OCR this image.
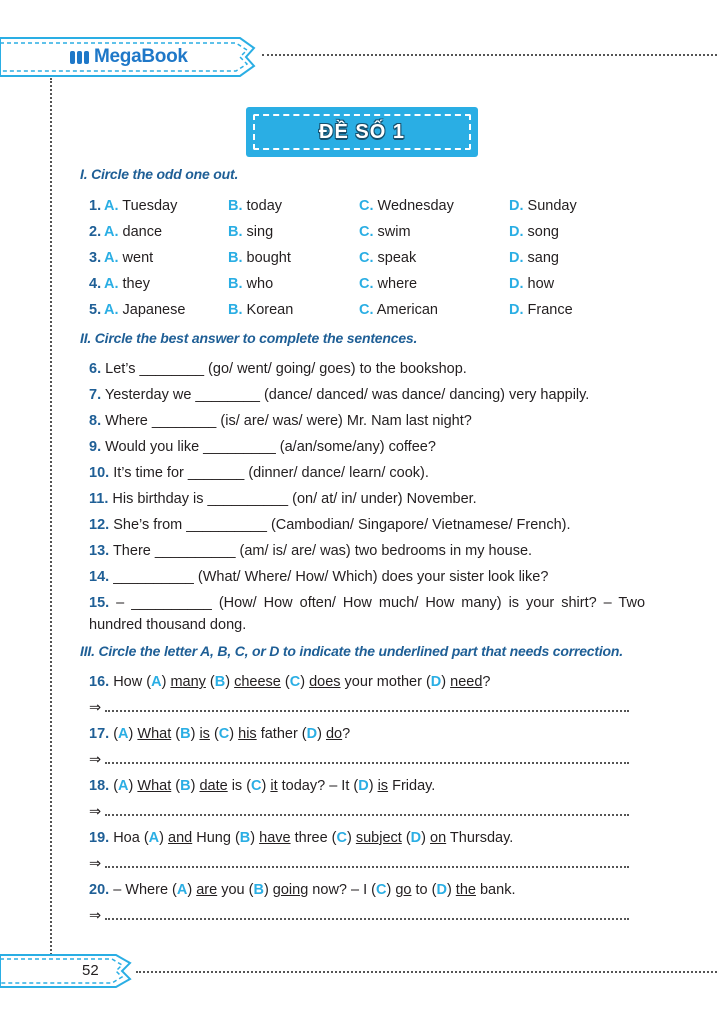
MegaBook
ĐỀ SỐ 1
I. Circle the odd one out.
1. A. Tuesday	B. today	C. Wednesday	D. Sunday
2. A. dance	B. sing	C. swim	D. song
3. A. went	B. bought	C. speak	D. sang
4. A. they	B. who	C. where	D. how
5. A. Japanese	B. Korean	C. American	D. France
II. Circle the best answer to complete the sentences.
6. Let’s ________ (go/ went/ going/ goes) to the bookshop.
7. Yesterday we ________ (dance/ danced/ was dance/ dancing) very happily.
8. Where ________ (is/ are/ was/ were) Mr. Nam last night?
9. Would you like _________ (a/an/some/any) coffee?
10. It’s time for _______ (dinner/ dance/ learn/ cook).
11. His birthday is __________ (on/ at/ in/ under) November.
12. She’s from __________ (Cambodian/ Singapore/ Vietnamese/ French).
13. There __________ (am/ is/ are/ was) two bedrooms in my house.
14. __________ (What/ Where/ How/ Which) does your sister look like?
15. – __________ (How/ How often/ How much/ How many) is your shirt? – Two hundred thousand dong.
III. Circle the letter A, B, C, or D to indicate the underlined part that needs correction.
16. How (A) many (B) cheese (C) does your mother (D) need?
⇒
17. (A) What (B) is (C) his father (D) do?
⇒
18. (A) What (B) date is (C) it today? – It (D) is Friday.
⇒
19. Hoa (A) and Hung (B) have three (C) subject (D) on Thursday.
⇒
20. – Where (A) are you (B) going now? – I (C) go to (D) the bank.
⇒
52
